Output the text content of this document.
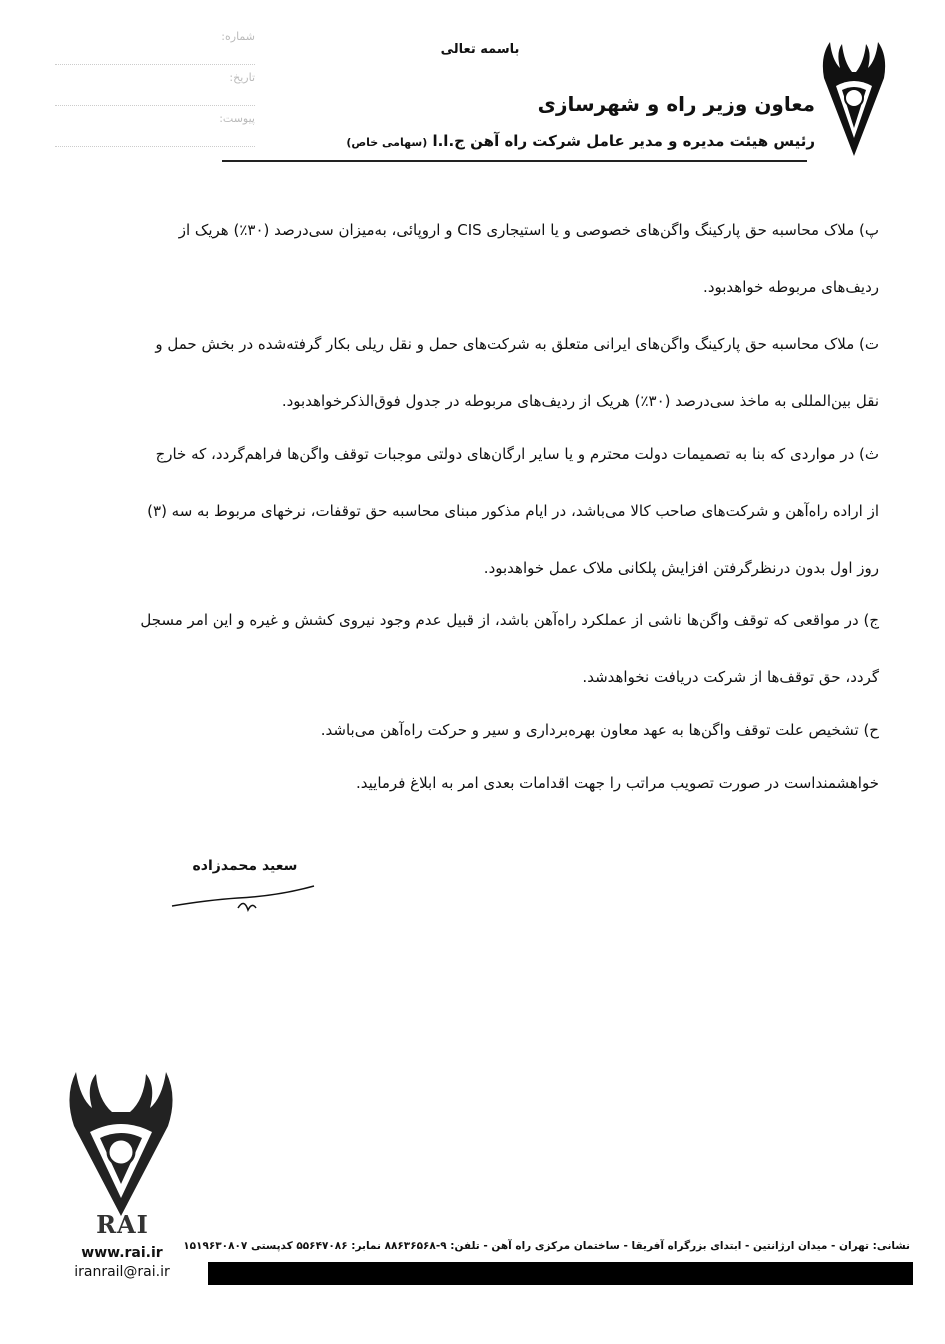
شماره:
تاریخ:
پیوست:
باسمه تعالی
معاون وزیر راه و شهرسازی
رئیس هیئت مدیره و مدیر عامل شرکت راه آهن ج.ا.ا (سهامی خاص)
پ) ملاک محاسبه حق پارکینگ واگن‌های خصوصی و یا استیجاری CIS و اروپائی، به‌میزان سی‌درصد (۳۰٪) هریک از
ردیف‌های مربوطه خواهدبود.
ت) ملاک محاسبه حق پارکینگ واگن‌های ایرانی متعلق به شرکت‌های حمل و نقل ریلی بکار گرفته‌شده در بخش حمل و
نقل بین‌المللی به ماخذ سی‌درصد (۳۰٪) هریک از ردیف‌های مربوطه در جدول فوق‌الذکرخواهدبود.
ث) در مواردی که بنا به تصمیمات دولت محترم و یا سایر ارگان‌های دولتی موجبات توقف واگن‌ها فراهم‌گردد، که خارج
از اراده راه‌آهن و شرکت‌های صاحب کالا می‌باشد، در ایام مذکور مبنای محاسبه حق توقفات، نرخهای مربوط به سه (۳)
روز اول بدون درنظرگرفتن افزایش پلکانی ملاک عمل خواهدبود.
ج) در مواقعی که توقف واگن‌ها ناشی از عملکرد راه‌آهن باشد، از قبیل عدم وجود نیروی کشش و غیره و این امر مسجل
گردد، حق توقف‌ها از شرکت دریافت نخواهدشد.
ح) تشخیص علت توقف واگن‌ها به عهد معاون بهره‌برداری و سیر و حرکت راه‌آهن می‌باشد.
خواهشمنداست در صورت تصویب مراتب را جهت اقدامات بعدی امر به ابلاغ فرمایید.
سعید محمدزاده
RAI
www.rai.ir
iranrail@rai.ir
نشانی: تهران - میدان ارژانتین - ابتدای بزرگراه آفریقا - ساختمان مرکزی راه آهن - تلفن: ۹-۸۸۶۳۶۵۶۸ نمابر: ۵۵۶۴۷۰۸۶ کدپستی ۱۵۱۹۶۳۰۸۰۷
